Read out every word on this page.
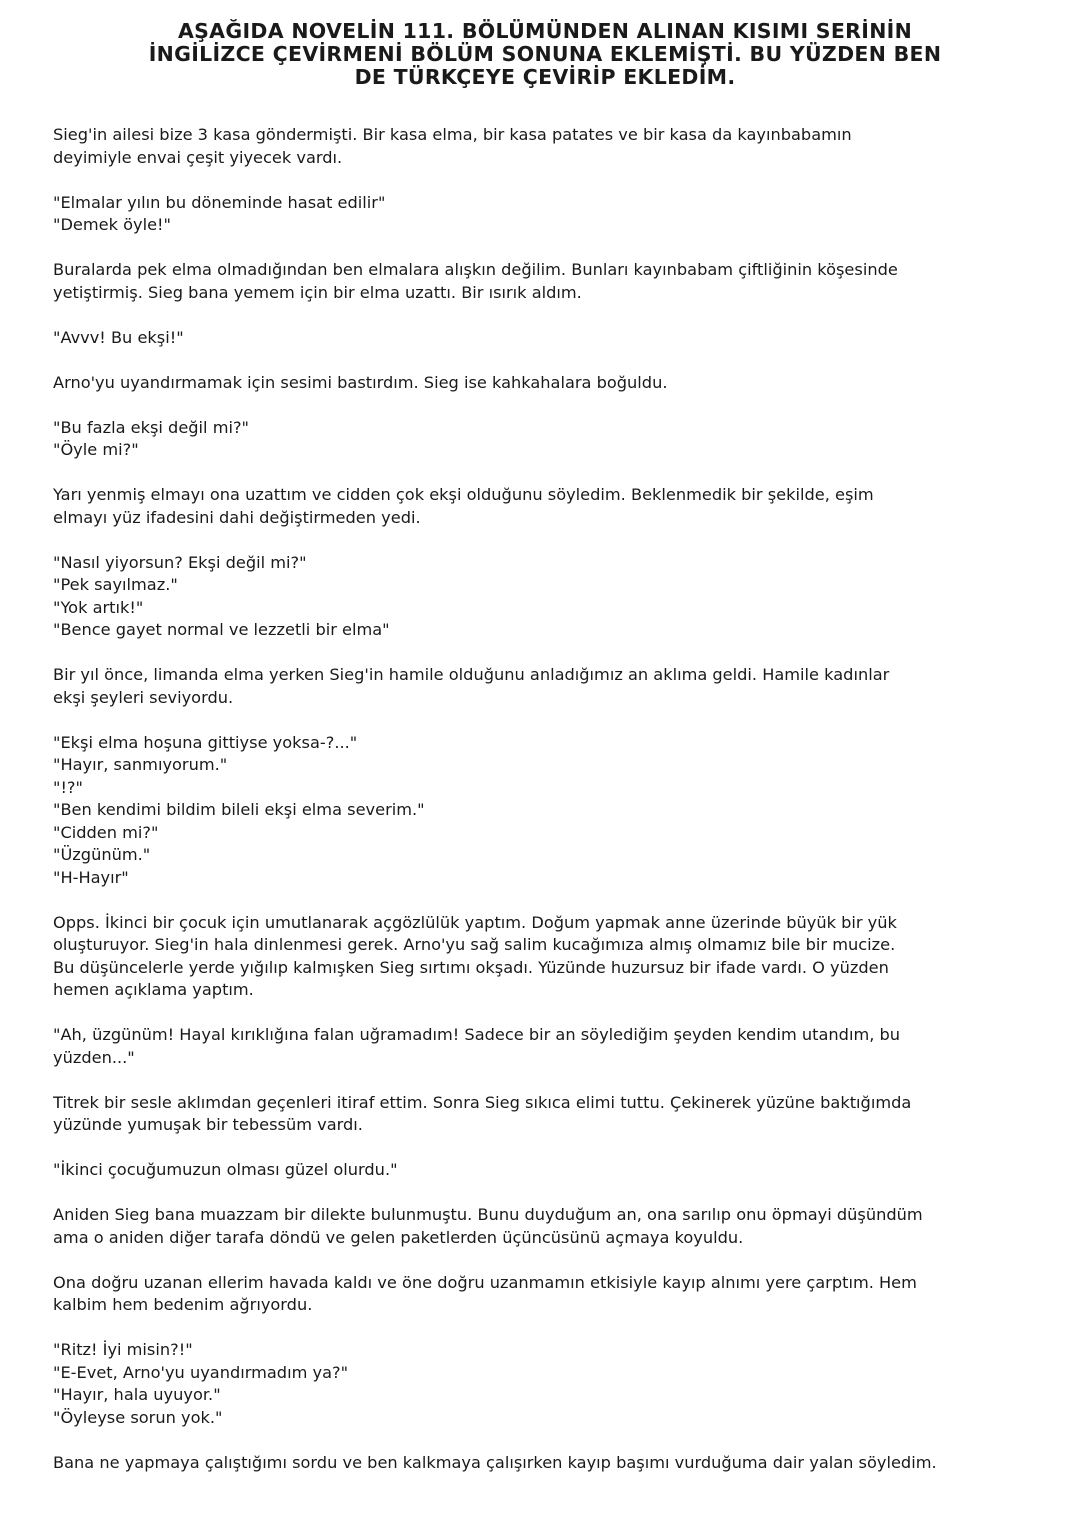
AŞAĞIDA NOVELİN 111. BÖLÜMÜNDEN ALINAN KISIMI SERİNİN
İNGİLİZCE ÇEVİRMENİ BÖLÜM SONUNA EKLEMİŞTİ. BU YÜZDEN BEN
DE TÜRKÇEYE ÇEVİRİP EKLEDİM.
Sieg'in ailesi bize 3 kasa göndermişti. Bir kasa elma, bir kasa patates ve bir kasa da kayınbabamın
deyimiyle envai çeşit yiyecek vardı.
"Elmalar yılın bu döneminde hasat edilir"
"Demek öyle!"
Buralarda pek elma olmadığından ben elmalara alışkın değilim. Bunları kayınbabam çiftliğinin köşesinde
yetiştirmiş. Sieg bana yemem için bir elma uzattı. Bir ısırık aldım.
"Avvv! Bu ekşi!"
Arno'yu uyandırmamak için sesimi bastırdım. Sieg ise kahkahalara boğuldu.
"Bu fazla ekşi değil mi?"
"Öyle mi?"
Yarı yenmiş elmayı ona uzattım ve cidden çok ekşi olduğunu söyledim. Beklenmedik bir şekilde, eşim
elmayı yüz ifadesini dahi değiştirmeden yedi.
"Nasıl yiyorsun? Ekşi değil mi?"
"Pek sayılmaz."
"Yok artık!"
"Bence gayet normal ve lezzetli bir elma"
Bir yıl önce, limanda elma yerken Sieg'in hamile olduğunu anladığımız an aklıma geldi. Hamile kadınlar
ekşi şeyleri seviyordu.
"Ekşi elma hoşuna gittiyse yoksa-?..."
"Hayır, sanmıyorum."
"!?"
"Ben kendimi bildim bileli ekşi elma severim."
"Cidden mi?"
"Üzgünüm."
"H-Hayır"
Opps. İkinci bir çocuk için umutlanarak açgözlülük yaptım. Doğum yapmak anne üzerinde büyük bir yük
oluşturuyor. Sieg'in hala dinlenmesi gerek. Arno'yu sağ salim kucağımıza almış olmamız bile bir mucize.
Bu düşüncelerle yerde yığılıp kalmışken Sieg sırtımı okşadı. Yüzünde huzursuz bir ifade vardı. O yüzden
hemen açıklama yaptım.
"Ah, üzgünüm! Hayal kırıklığına falan uğramadım! Sadece bir an söylediğim şeyden kendim utandım, bu
yüzden..."
Titrek bir sesle aklımdan geçenleri itiraf ettim. Sonra Sieg sıkıca elimi tuttu. Çekinerek yüzüne baktığımda
yüzünde yumuşak bir tebessüm vardı.
"İkinci çocuğumuzun olması güzel olurdu."
Aniden Sieg bana muazzam bir dilekte bulunmuştu. Bunu duyduğum an, ona sarılıp onu öpmayi düşündüm
ama o aniden diğer tarafa döndü ve gelen paketlerden üçüncüsünü açmaya koyuldu.
Ona doğru uzanan ellerim havada kaldı ve öne doğru uzanmamın etkisiyle kayıp alnımı yere çarptım. Hem
kalbim hem bedenim ağrıyordu.
"Ritz! İyi misin?!"
"E-Evet, Arno'yu uyandırmadım ya?"
"Hayır, hala uyuyor."
"Öyleyse sorun yok."
Bana ne yapmaya çalıştığımı sordu ve ben kalkmaya çalışırken kayıp başımı vurduğuma dair yalan söyledim.
